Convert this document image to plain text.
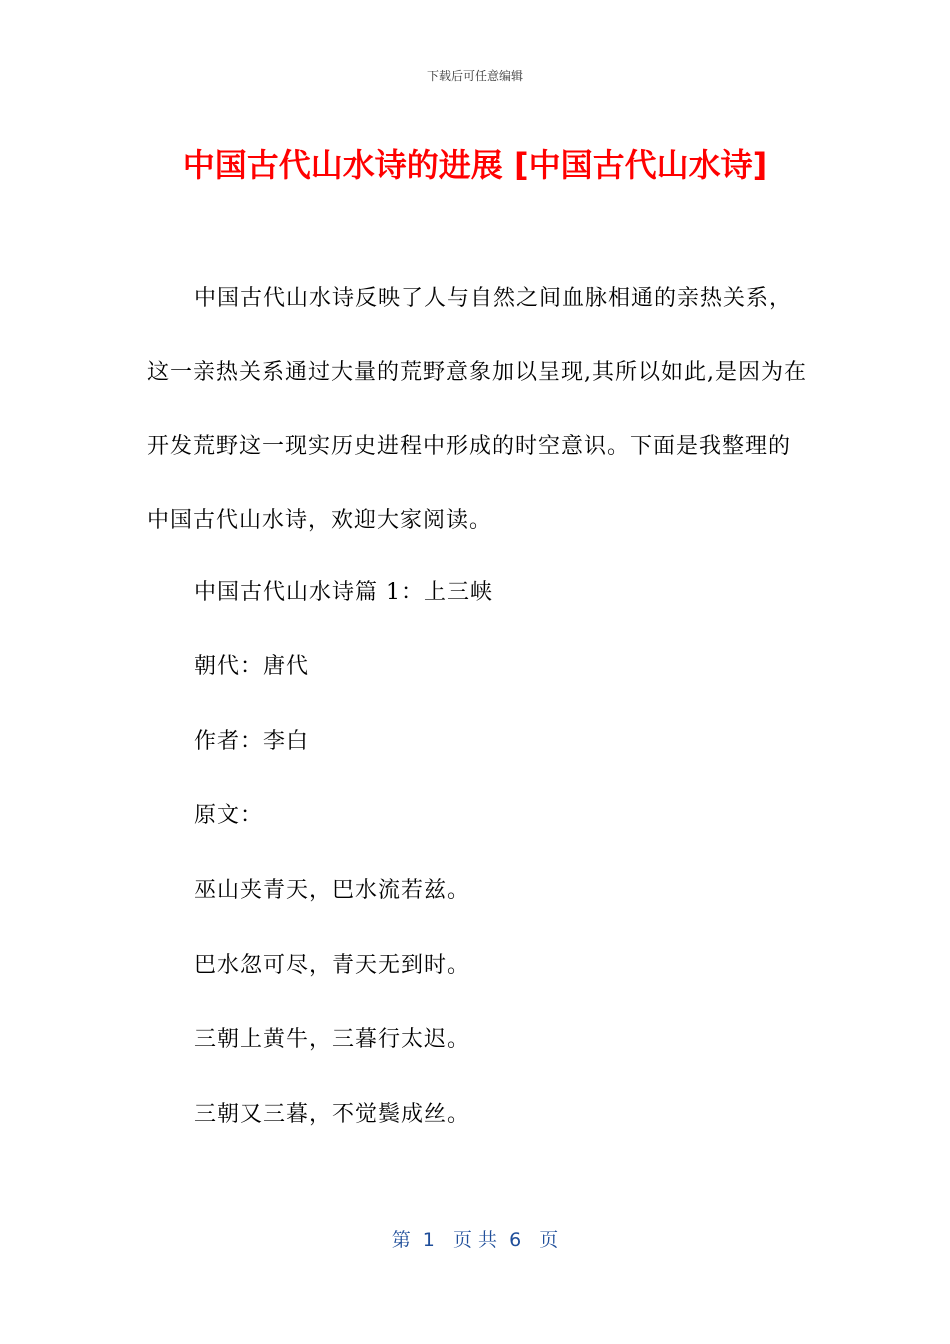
下载后可任意编辑
中国古代山水诗的进展 [中国古代山水诗]

中国古代山水诗反映了人与自然之间血脉相通的亲热关系，这一亲热关系通过大量的荒野意象加以呈现,其所以如此,是因为在开发荒野这一现实历史进程中形成的时空意识。下面是我整理的中国古代山水诗，欢迎大家阅读。

中国古代山水诗篇 1：上三峡
朝代：唐代
作者：李白
原文：
巫山夹青天，巴水流若兹。
巴水忽可尽，青天无到时。
三朝上黄牛，三暮行太迟。
三朝又三暮，不觉鬓成丝。
第  1   页 共  6   页
